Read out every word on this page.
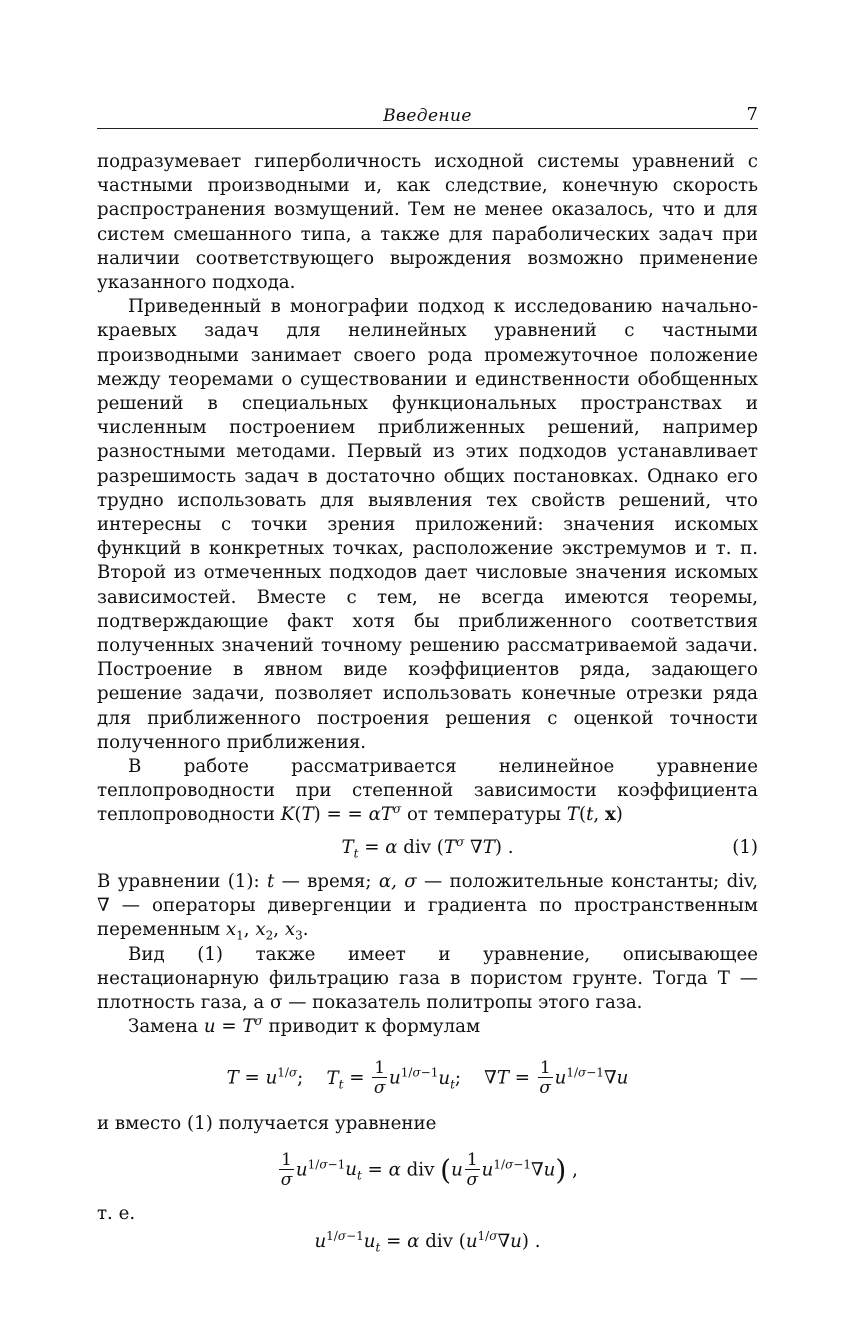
Введение	7

подразумевает гиперболичность исходной системы уравнений с частными производными и, как следствие, конечную скорость распространения возмущений. Тем не менее оказалось, что и для систем смешанного типа, а также для параболических задач при наличии соответствующего вырождения возможно применение указанного подхода.

Приведенный в монографии подход к исследованию начально-краевых задач для нелинейных уравнений с частными производными занимает своего рода промежуточное положение между теоремами о существовании и единственности обобщенных решений в специальных функциональных пространствах и численным построением приближенных решений, например разностными методами. Первый из этих подходов устанавливает разрешимость задач в достаточно общих постановках. Однако его трудно использовать для выявления тех свойств решений, что интересны с точки зрения приложений: значения искомых функций в конкретных точках, расположение экстремумов и т. п. Второй из отмеченных подходов дает числовые значения искомых зависимостей. Вместе с тем, не всегда имеются теоремы, подтверждающие факт хотя бы приближенного соответствия полученных значений точному решению рассматриваемой задачи. Построение в явном виде коэффициентов ряда, задающего решение задачи, позволяет использовать конечные отрезки ряда для приближенного построения решения с оценкой точности полученного приближения.

В работе рассматривается нелинейное уравнение теплопроводности при степенной зависимости коэффициента теплопроводности K(T) = = $\alpha T^\sigma$ от температуры T(t, x)

$T_t = \alpha$ div ($T^\sigma$ ∇T) .	(1)

В уравнении (1): t — время; α, σ — положительные константы; div, ∇ — операторы дивергенции и градиента по пространственным переменным $x_1$, $x_2$, $x_3$.

Вид (1) также имеет и уравнение, описывающее нестационарную фильтрацию газа в пористом грунте. Тогда T — плотность газа, а σ — показатель политропы этого газа.

Замена $u = T^\sigma$ приводит к формулам

$T = u^{1/\sigma}$;    $T_t = \frac{1}{\sigma} u^{1/\sigma-1}u_t$;    $\nabla T = \frac{1}{\sigma} u^{1/\sigma-1}\nabla u$

и вместо (1) получается уравнение

$\frac{1}{\sigma} u^{1/\sigma-1}u_t = \alpha$ div $(u \frac{1}{\sigma} u^{1/\sigma-1}\nabla u)$ ,

т. е.

$u^{1/\sigma-1}u_t = \alpha$ div $(u^{1/\sigma}\nabla u)$ .
